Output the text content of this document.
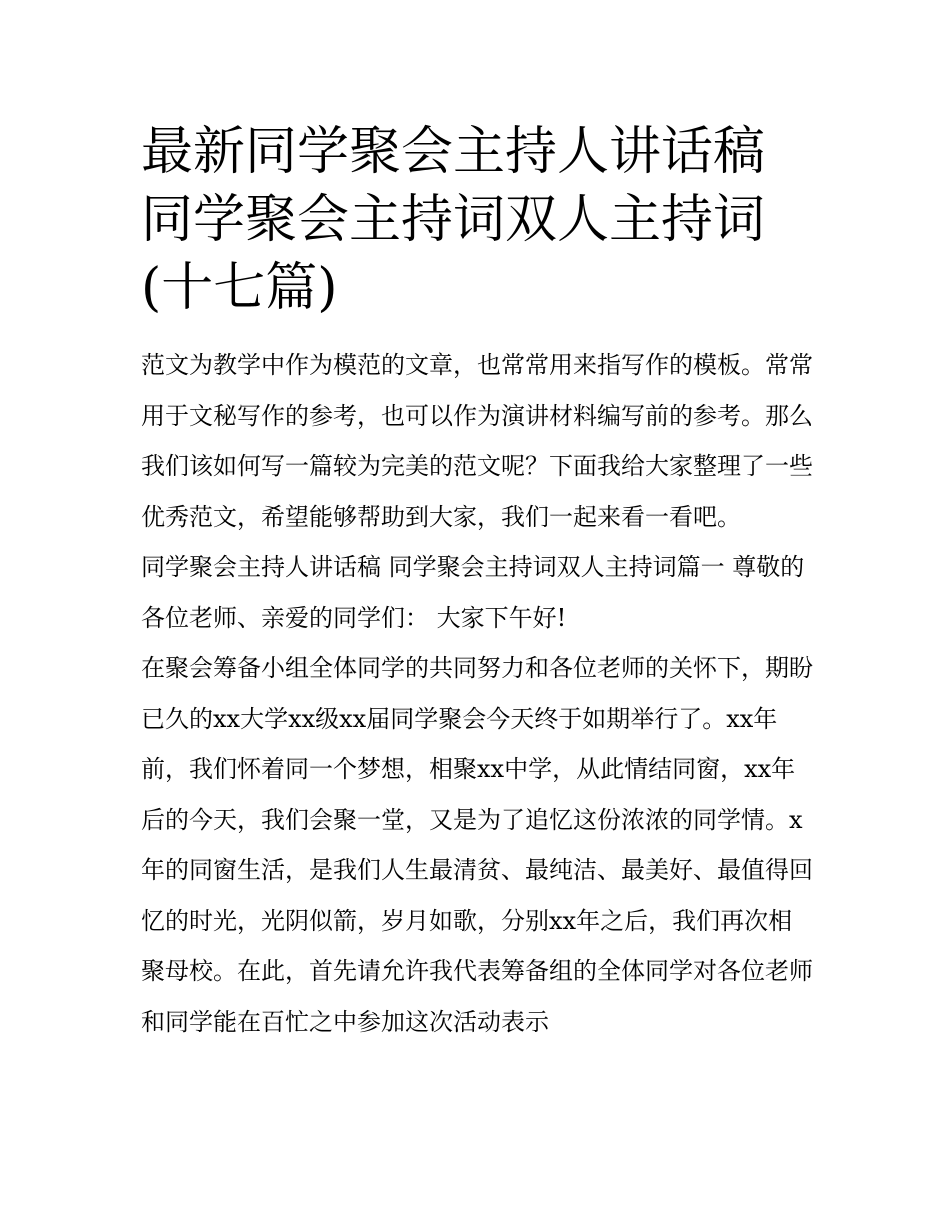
最新同学聚会主持人讲话稿 同学聚会主持词双人主持词(十七篇)

范文为教学中作为模范的文章，也常常用来指写作的模板。常常用于文秘写作的参考，也可以作为演讲材料编写前的参考。那么我们该如何写一篇较为完美的范文呢？下面我给大家整理了一些优秀范文，希望能够帮助到大家，我们一起来看一看吧。

同学聚会主持人讲话稿 同学聚会主持词双人主持词篇一 尊敬的各位老师、亲爱的同学们： 大家下午好!

在聚会筹备小组全体同学的共同努力和各位老师的关怀下，期盼已久的xx大学xx级xx届同学聚会今天终于如期举行了。xx年前，我们怀着同一个梦想，相聚xx中学，从此情结同窗，xx年后的今天，我们会聚一堂，又是为了追忆这份浓浓的同学情。x年的同窗生活，是我们人生最清贫、最纯洁、最美好、最值得回忆的时光，光阴似箭，岁月如歌，分别xx年之后，我们再次相聚母校。在此，首先请允许我代表筹备组的全体同学对各位老师和同学能在百忙之中参加这次活动表示
